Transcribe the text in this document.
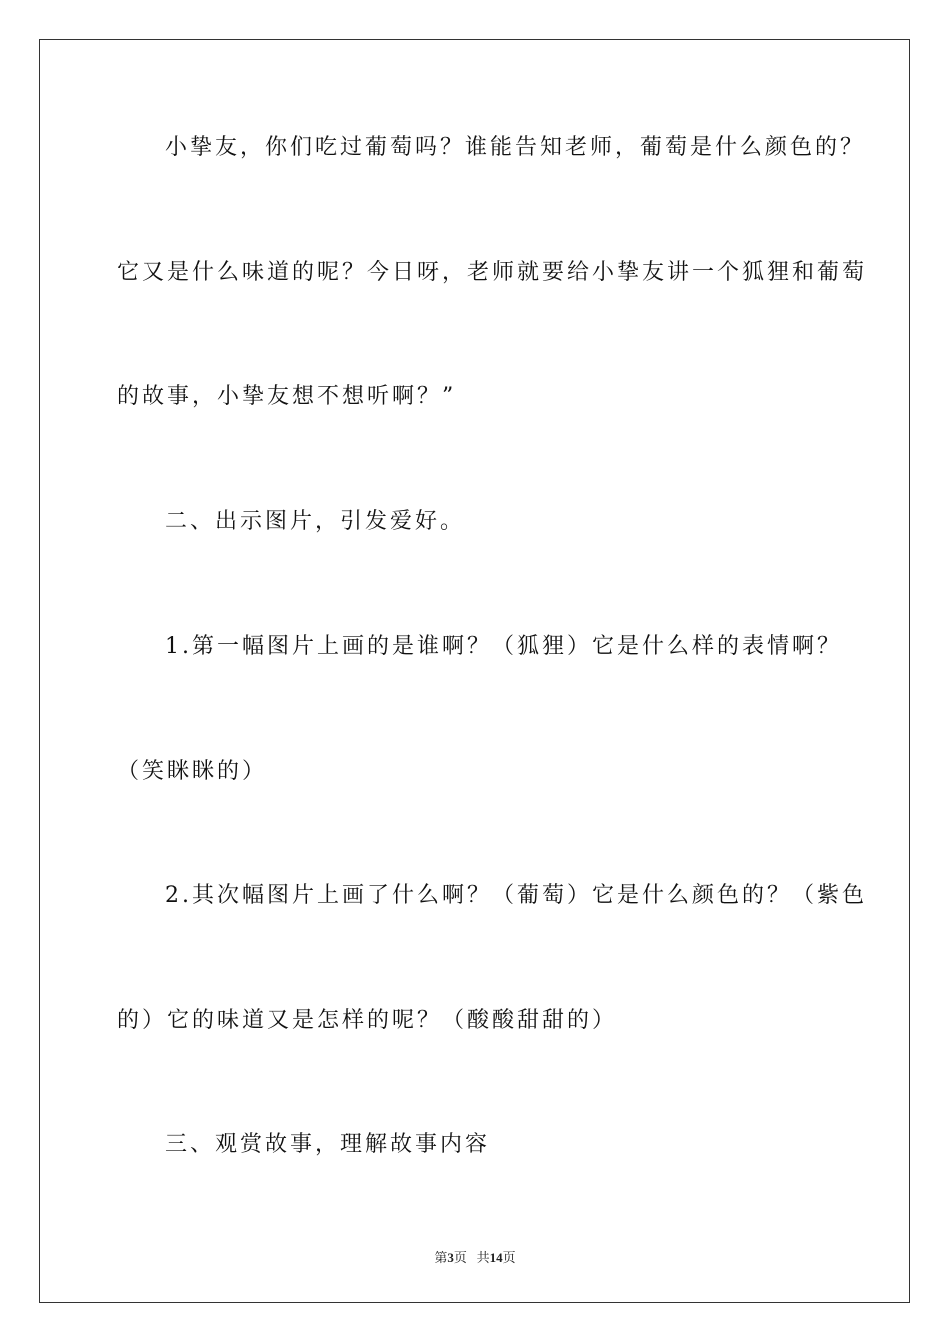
小挚友，你们吃过葡萄吗？谁能告知老师，葡萄是什么颜色的？
它又是什么味道的呢？今日呀，老师就要给小挚友讲一个狐狸和葡萄
的故事，小挚友想不想听啊？”
二、出示图片，引发爱好。
1.第一幅图片上画的是谁啊？（狐狸）它是什么样的表情啊？
（笑眯眯的）
2.其次幅图片上画了什么啊？（葡萄）它是什么颜色的？（紫色
的）它的味道又是怎样的呢？（酸酸甜甜的）
三、观赏故事，理解故事内容
第3页 共14页
